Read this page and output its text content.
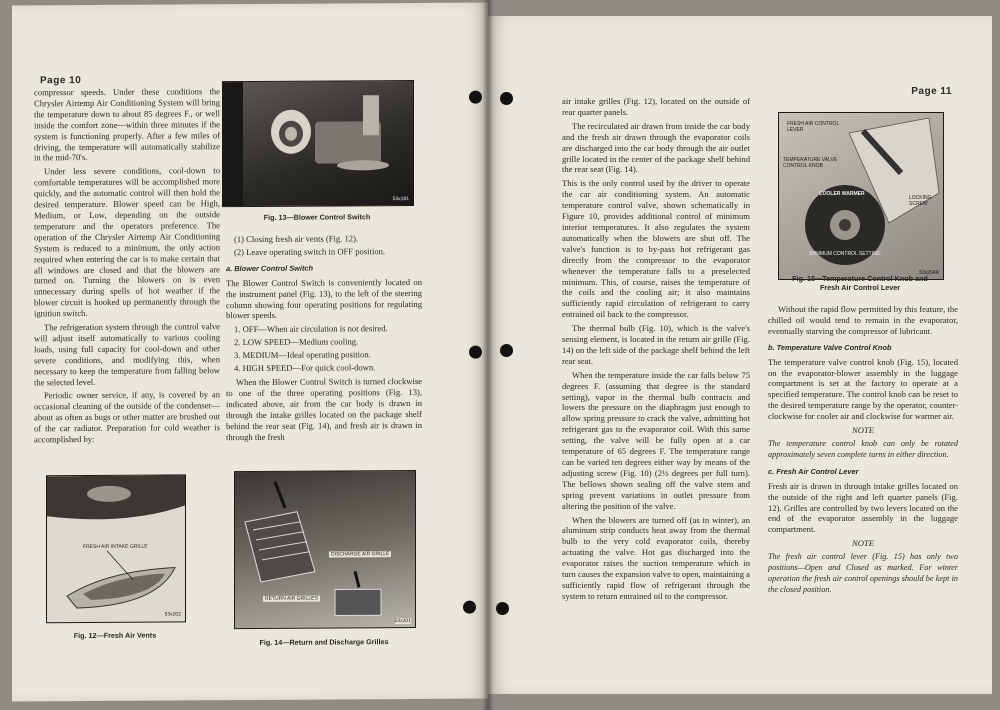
Page 10

compressor speeds. Under these conditions the Chrysler Airtemp Air Conditioning System will bring the temperature down to about 85 degrees F., or well inside the comfort zone—within three minutes if the system is functioning properly. After a few miles of driving, the temperature will automatically stabilize in the mid-70's.

Under less severe conditions, cool-down to comfortable temperatures will be accomplished more quickly, and the automatic control will then hold the desired temperature. Blower speed can be High, Medium, or Low, depending on the outside temperature and the operators preference. The operation of the Chrysler Airtemp Air Conditioning System is reduced to a minimum, the only action required when entering the car is to make certain that all windows are closed and that the blowers are turned on. Turning the blowers on is even unnecessary during spells of hot weather if the blower circuit is hooked up permanently through the ignition switch.

The refrigeration system through the control valve will adjust itself automatically to various cooling loads, using full capacity for cool-down and other severe conditions, and modifying this, when necessary to keep the temperature from falling below the selected level.

Periodic owner service, if any, is covered by an occasional cleaning of the outside of the condenser—about as often as bugs or other matter are brushed out of the car radiator. Preparation for cold weather is accomplished by:

53x181
Fig. 13—Blower Control Switch
(1) Closing fresh air vents (Fig. 12).
(2) Leave operating switch in OFF position.
a. Blower Control Switch

The Blower Control Switch is conveniently located on the instrument panel (Fig. 13), to the left of the steering column showing four operating positions for regulating blower speeds.

1. OFF—When air circulation is not desired.
2. LOW SPEED—Medium cooling.
3. MEDIUM—Ideal operating position.
4. HIGH SPEED—For quick cool-down.

When the Blower Control Switch is turned clockwise to one of the three operating positions (Fig. 13), indicated above, air from the car body is drawn in through the intake grilles located on the package shelf behind the rear seat (Fig. 14), and fresh air is drawn in through the fresh

FRESH AIR INTAKE GRILLE
53x202
Fig. 12—Fresh Air Vents
DISCHARGE AIR GRILLE
RETURN AIR GRILLES
53x201
Fig. 14—Return and Discharge Grilles
Page 11

air intake grilles (Fig. 12), located on the outside of rear quarter panels.

The recirculated air drawn from inside the car body and the fresh air drawn through the evaporator coils are discharged into the car body through the air outlet grille located in the center of the package shelf behind the rear seat (Fig. 14).

This is the only control used by the driver to operate the car air conditioning system. An automatic temperature control valve, shown schematically in Figure 10, provides additional control of minimum interior temperatures. It also regulates the system automatically when the blowers are shut off. The valve's function is to by-pass hot refrigerant gas directly from the compressor to the evaporator whenever the temperature falls to a preselected minimum. This, of course, raises the temperature of the coils and the cooling air; it also maintains sufficiently rapid circulation of refrigerant to carry entrained oil back to the compressor.

The thermal bulb (Fig. 10), which is the valve's sensing element, is located in the return air grille (Fig. 14) on the left side of the package shelf behind the left rear seat.

When the temperature inside the car falls below 75 degrees F. (assuming that degree is the standard setting), vapor in the thermal bulb contracts and lowers the pressure on the diaphragm just enough to allow spring pressure to crack the valve, admitting hot refrigerant gas to the evaporator coil. With this same setting, the valve will be fully open at a car temperature of 65 degrees F. The temperature range can be varied ten degrees either way by means of the adjusting screw (Fig. 10) (2½ degrees per full turn). The bellows shown sealing off the valve stem and spring prevent variations in outlet pressure from altering the position of the valve.

When the blowers are turned off (as in winter), an aluminum strip conducts heat away from the thermal bulb to the very cold evaporator coils, thereby actuating the valve. Hot gas discharged into the evaporator raises the suction temperature which in turn causes the expansion valve to open, maintaining a sufficiently rapid flow of refrigerant through the system to return entrained oil to the compressor.

FRESH AIR CONTROL LEVER
TEMPERATURE VALVE CONTROL KNOB
LOCKING SCREW
COOLER WARMER
MINIMUM CONTROL SETTING
53x204A
Fig. 15—Temperature Control Knob and
Fresh Air Control Lever

Without the rapid flow permitted by this feature, the chilled oil would tend to remain in the evaporator, eventually starving the compressor of lubricant.

b. Temperature Valve Control Knob

The temperature valve control knob (Fig. 15), located on the evaporator-blower assembly in the luggage compartment is set at the factory to operate at a specified temperature. The control knob can be reset to the desired temperature range by the operator, counter-clockwise for cooler air and clockwise for warmer air.

NOTE

The temperature control knob can only be rotated approximately seven complete turns in either direction.

c. Fresh Air Control Lever

Fresh air is drawn in through intake grilles located on the outside of the right and left quarter panels (Fig. 12). Grilles are controlled by two levers located on the end of the evaporator assembly in the luggage compartment.

NOTE

The fresh air control lever (Fig. 15) has only two positions—Open and Closed as marked. For winter operation the fresh air control openings should be kept in the closed position.
